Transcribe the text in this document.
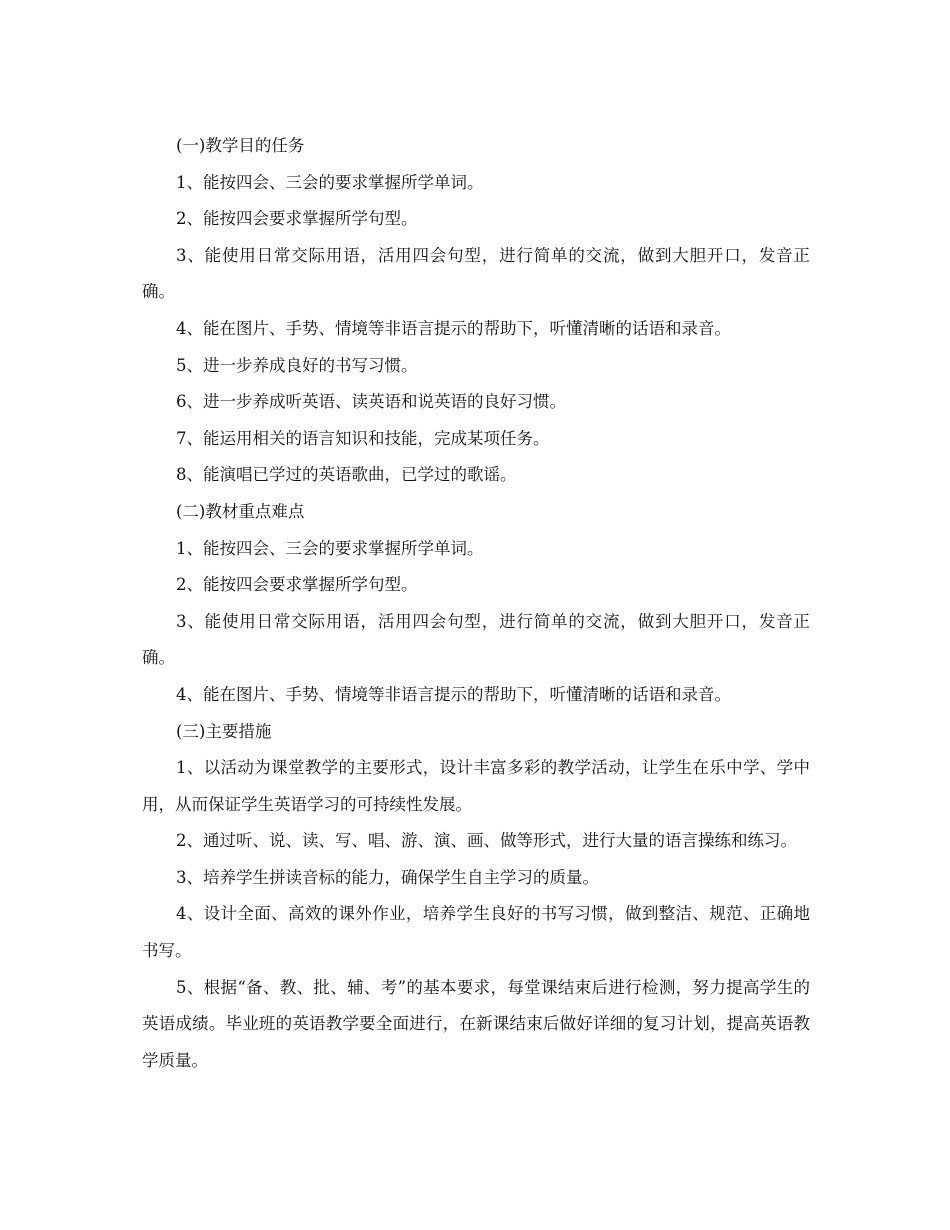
(一)教学目的任务

1、能按四会、三会的要求掌握所学单词。

2、能按四会要求掌握所学句型。

3、能使用日常交际用语，活用四会句型，进行简单的交流，做到大胆开口，发音正确。

4、能在图片、手势、情境等非语言提示的帮助下，听懂清晰的话语和录音。

5、进一步养成良好的书写习惯。

6、进一步养成听英语、读英语和说英语的良好习惯。

7、能运用相关的语言知识和技能，完成某项任务。

8、能演唱已学过的英语歌曲，已学过的歌谣。

(二)教材重点难点

1、能按四会、三会的要求掌握所学单词。

2、能按四会要求掌握所学句型。

3、能使用日常交际用语，活用四会句型，进行简单的交流，做到大胆开口，发音正确。

4、能在图片、手势、情境等非语言提示的帮助下，听懂清晰的话语和录音。

(三)主要措施

1、以活动为课堂教学的主要形式，设计丰富多彩的教学活动，让学生在乐中学、学中用，从而保证学生英语学习的可持续性发展。

2、通过听、说、读、写、唱、游、演、画、做等形式，进行大量的语言操练和练习。

3、培养学生拼读音标的能力，确保学生自主学习的质量。

4、设计全面、高效的课外作业，培养学生良好的书写习惯，做到整洁、规范、正确地书写。

5、根据“备、教、批、辅、考”的基本要求，每堂课结束后进行检测，努力提高学生的英语成绩。毕业班的英语教学要全面进行，在新课结束后做好详细的复习计划，提高英语教学质量。
